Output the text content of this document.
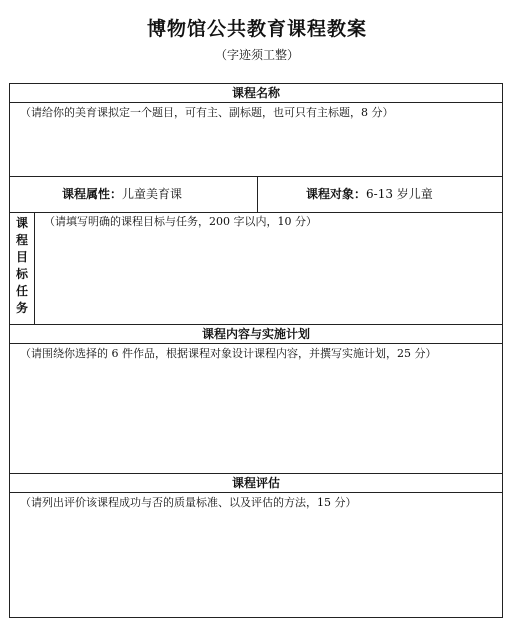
博物馆公共教育课程教案
（字迹须工整）
课程名称
（请给你的美育课拟定一个题目，可有主、副标题，也可只有主标题，8 分）
课程属性：儿童美育课	课程对象：6-13 岁儿童
课
程
目
标
任
务
（请填写明确的课程目标与任务，200 字以内，10 分）
课程内容与实施计划
（请围绕你选择的 6 件作品，根据课程对象设计课程内容，并撰写实施计划，25 分）
课程评估
（请列出评价该课程成功与否的质量标准、以及评估的方法，15 分）
